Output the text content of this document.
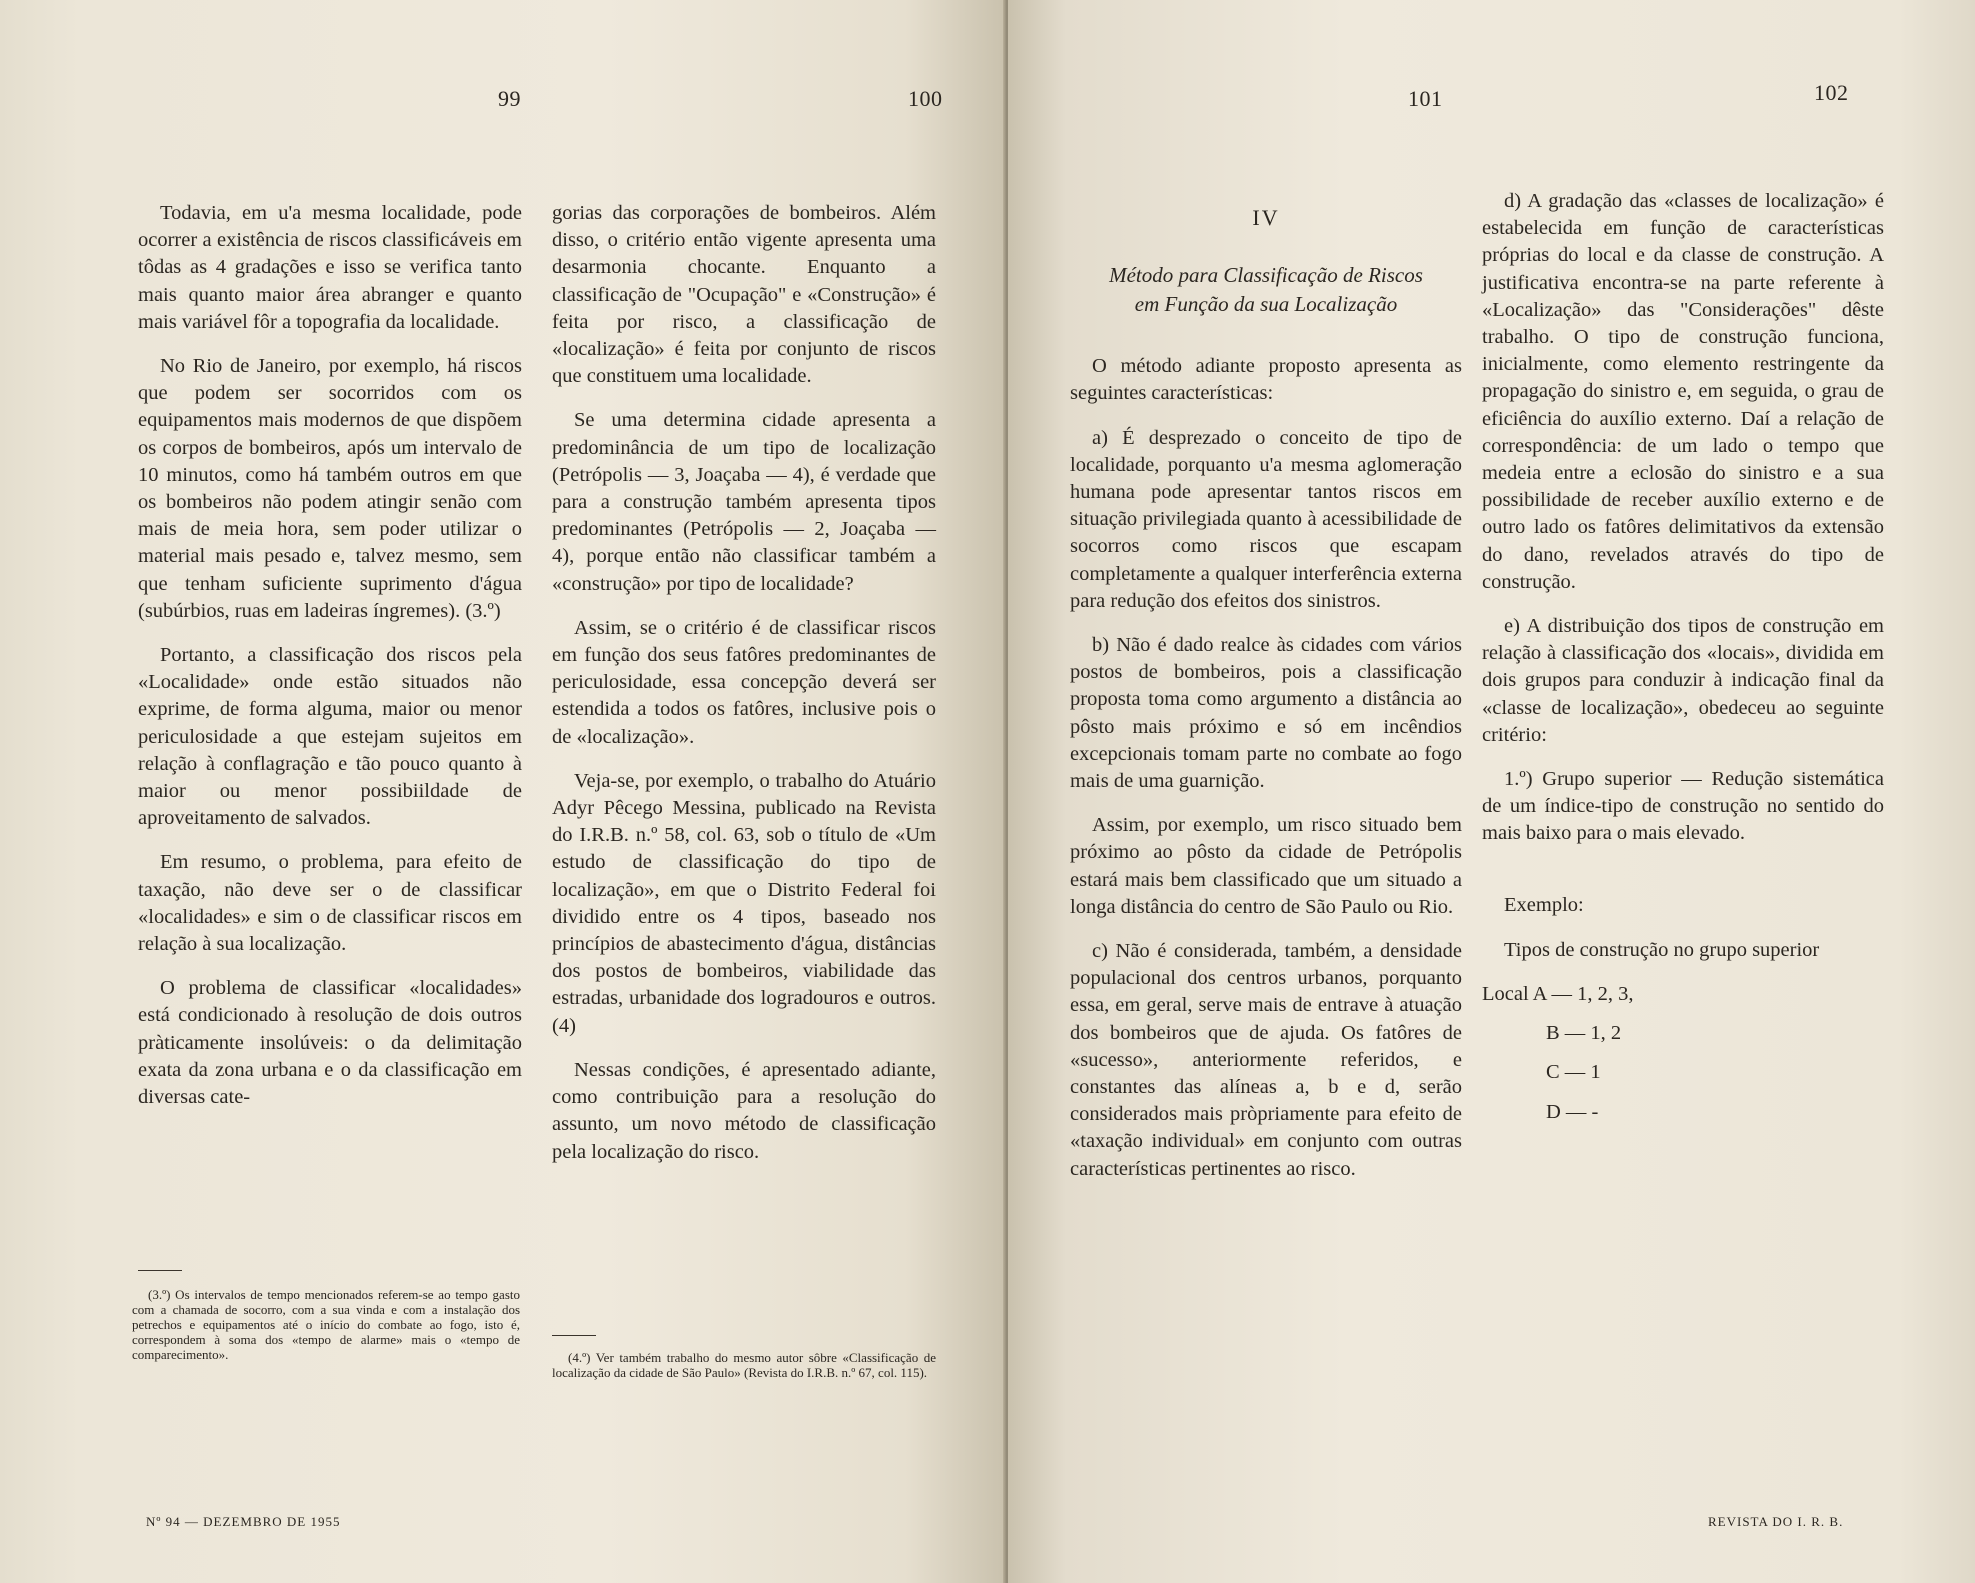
99	100

Todavia, em u'a mesma localidade, pode ocorrer a existência de riscos classificáveis em tôdas as 4 gradações e isso se verifica tanto mais quanto maior área abranger e quanto mais variável fôr a topografia da localidade.

No Rio de Janeiro, por exemplo, há riscos que podem ser socorridos com os equipamentos mais modernos de que dispõem os corpos de bombeiros, após um intervalo de 10 minutos, como há também outros em que os bombeiros não podem atingir senão com mais de meia hora, sem poder utilizar o material mais pesado e, talvez mesmo, sem que tenham suficiente suprimento d'água (subúrbios, ruas em ladeiras íngremes). (3.º)

Portanto, a classificação dos riscos pela «Localidade» onde estão situados não exprime, de forma alguma, maior ou menor periculosidade a que estejam sujeitos em relação à conflagração e tão pouco quanto à maior ou menor possibiildade de aproveitamento de salvados.

Em resumo, o problema, para efeito de taxação, não deve ser o de classificar «localidades» e sim o de classificar riscos em relação à sua localização.

O problema de classificar «localidades» está condicionado à resolução de dois outros pràticamente insolúveis: o da delimitação exata da zona urbana e o da classificação em diversas cate-

(3.º) Os intervalos de tempo mencionados referem-se ao tempo gasto com a chamada de socorro, com a sua vinda e com a instalação dos petrechos e equipamentos até o início do combate ao fogo, isto é, correspondem à soma dos «tempo de alarme» mais o «tempo de comparecimento».

Nº 94 — DEZEMBRO DE 1955

gorias das corporações de bombeiros. Além disso, o critério então vigente apresenta uma desarmonia chocante. Enquanto a classificação de "Ocupação" e «Construção» é feita por risco, a classificação de «localização» é feita por conjunto de riscos que constituem uma localidade.

Se uma determina cidade apresenta a predominância de um tipo de localização (Petrópolis — 3, Joaçaba — 4), é verdade que para a construção também apresenta tipos predominantes (Petrópolis — 2, Joaçaba — 4), porque então não classificar também a «construção» por tipo de localidade?

Assim, se o critério é de classificar riscos em função dos seus fatôres predominantes de periculosidade, essa concepção deverá ser estendida a todos os fatôres, inclusive pois o de «localização».

Veja-se, por exemplo, o trabalho do Atuário Adyr Pêcego Messina, publicado na Revista do I.R.B. n.º 58, col. 63, sob o título de «Um estudo de classificação do tipo de localização», em que o Distrito Federal foi dividido entre os 4 tipos, baseado nos princípios de abastecimento d'água, distâncias dos postos de bombeiros, viabilidade das estradas, urbanidade dos logradouros e outros. (4)

Nessas condições, é apresentado adiante, como contribuição para a resolução do assunto, um novo método de classificação pela localização do risco.

(4.º) Ver também trabalho do mesmo autor sôbre «Classificação de localização da cidade de São Paulo» (Revista do I.R.B. n.º 67, col. 115).

101	102
IV
Método para Classificação de Riscos
em Função da sua Localização

O método adiante proposto apresenta as seguintes características:

a) É desprezado o conceito de tipo de localidade, porquanto u'a mesma aglomeração humana pode apresentar tantos riscos em situação privilegiada quanto à acessibilidade de socorros como riscos que escapam completamente a qualquer interferência externa para redução dos efeitos dos sinistros.

b) Não é dado realce às cidades com vários postos de bombeiros, pois a classificação proposta toma como argumento a distância ao pôsto mais próximo e só em incêndios excepcionais tomam parte no combate ao fogo mais de uma guarnição.

Assim, por exemplo, um risco situado bem próximo ao pôsto da cidade de Petrópolis estará mais bem classificado que um situado a longa distância do centro de São Paulo ou Rio.

c) Não é considerada, também, a densidade populacional dos centros urbanos, porquanto essa, em geral, serve mais de entrave à atuação dos bombeiros que de ajuda. Os fatôres de «sucesso», anteriormente referidos, e constantes das alíneas a, b e d, serão considerados mais pròpriamente para efeito de «taxação individual» em conjunto com outras características pertinentes ao risco.

d) A gradação das «classes de localização» é estabelecida em função de características próprias do local e da classe de construção. A justificativa encontra-se na parte referente à «Localização» das "Considerações" dêste trabalho. O tipo de construção funciona, inicialmente, como elemento restringente da propagação do sinistro e, em seguida, o grau de eficiência do auxílio externo. Daí a relação de correspondência: de um lado o tempo que medeia entre a eclosão do sinistro e a sua possibilidade de receber auxílio externo e de outro lado os fatôres delimitativos da extensão do dano, revelados através do tipo de construção.

e) A distribuição dos tipos de construção em relação à classificação dos «locais», dividida em dois grupos para conduzir à indicação final da «classe de localização», obedeceu ao seguinte critério:

1.º) Grupo superior — Redução sistemática de um índice-tipo de construção no sentido do mais baixo para o mais elevado.

Exemplo:

Tipos de construção no grupo superior

Local A — 1, 2, 3,
B — 1, 2
C — 1
D — -
REVISTA DO I. R. B.
